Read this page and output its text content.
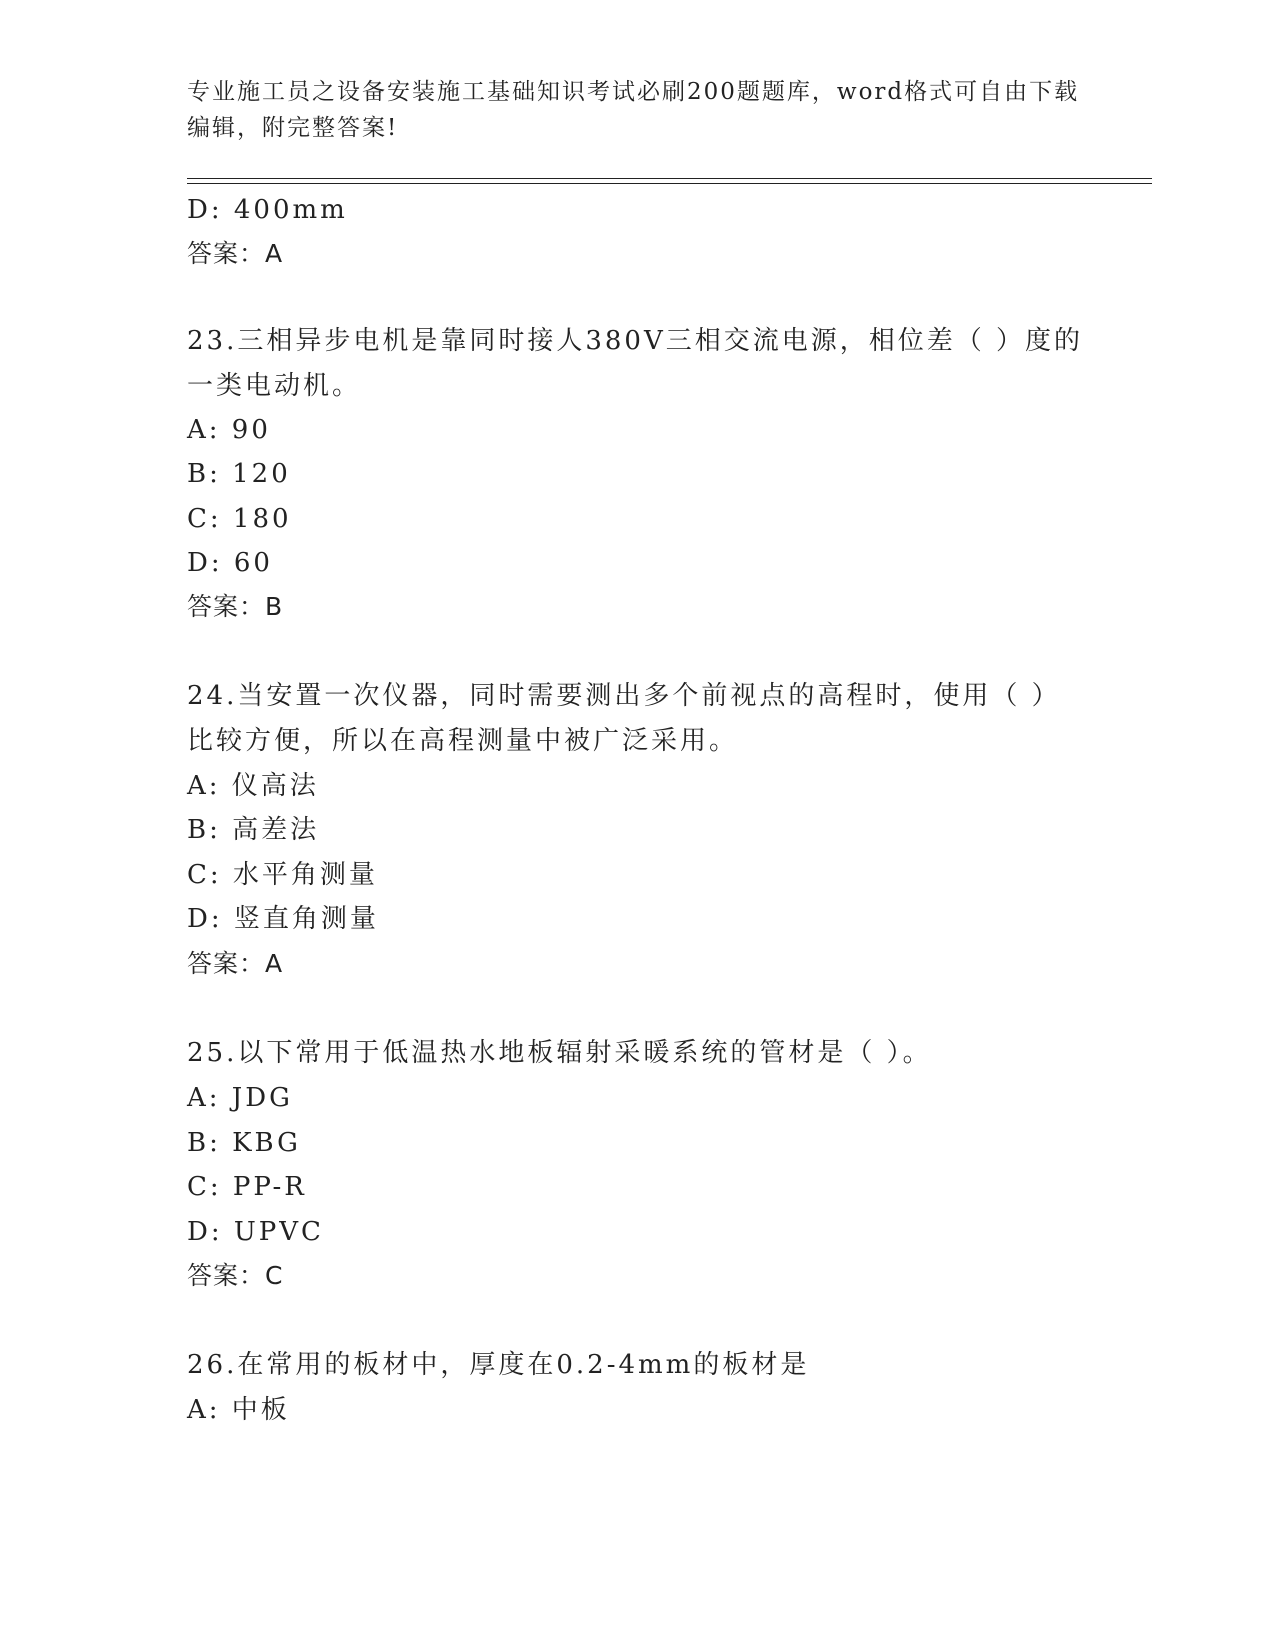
专业施工员之设备安装施工基础知识考试必刷200题题库，word格式可自由下载
编辑，附完整答案!
D: 400mm
答案：A
23.三相异步电机是靠同时接人380V三相交流电源，相位差（ ）度的
一类电动机。
A: 90
B: 120
C: 180
D: 60
答案：B
24.当安置一次仪器，同时需要测出多个前视点的高程时，使用（ ）
比较方便，所以在高程测量中被广泛采用。
A: 仪高法
B: 高差法
C: 水平角测量
D: 竖直角测量
答案：A
25.以下常用于低温热水地板辐射采暖系统的管材是（ ）。
A: JDG
B: KBG
C: PP-R
D: UPVC
答案：C
26.在常用的板材中，厚度在0.2-4mm的板材是
A: 中板
